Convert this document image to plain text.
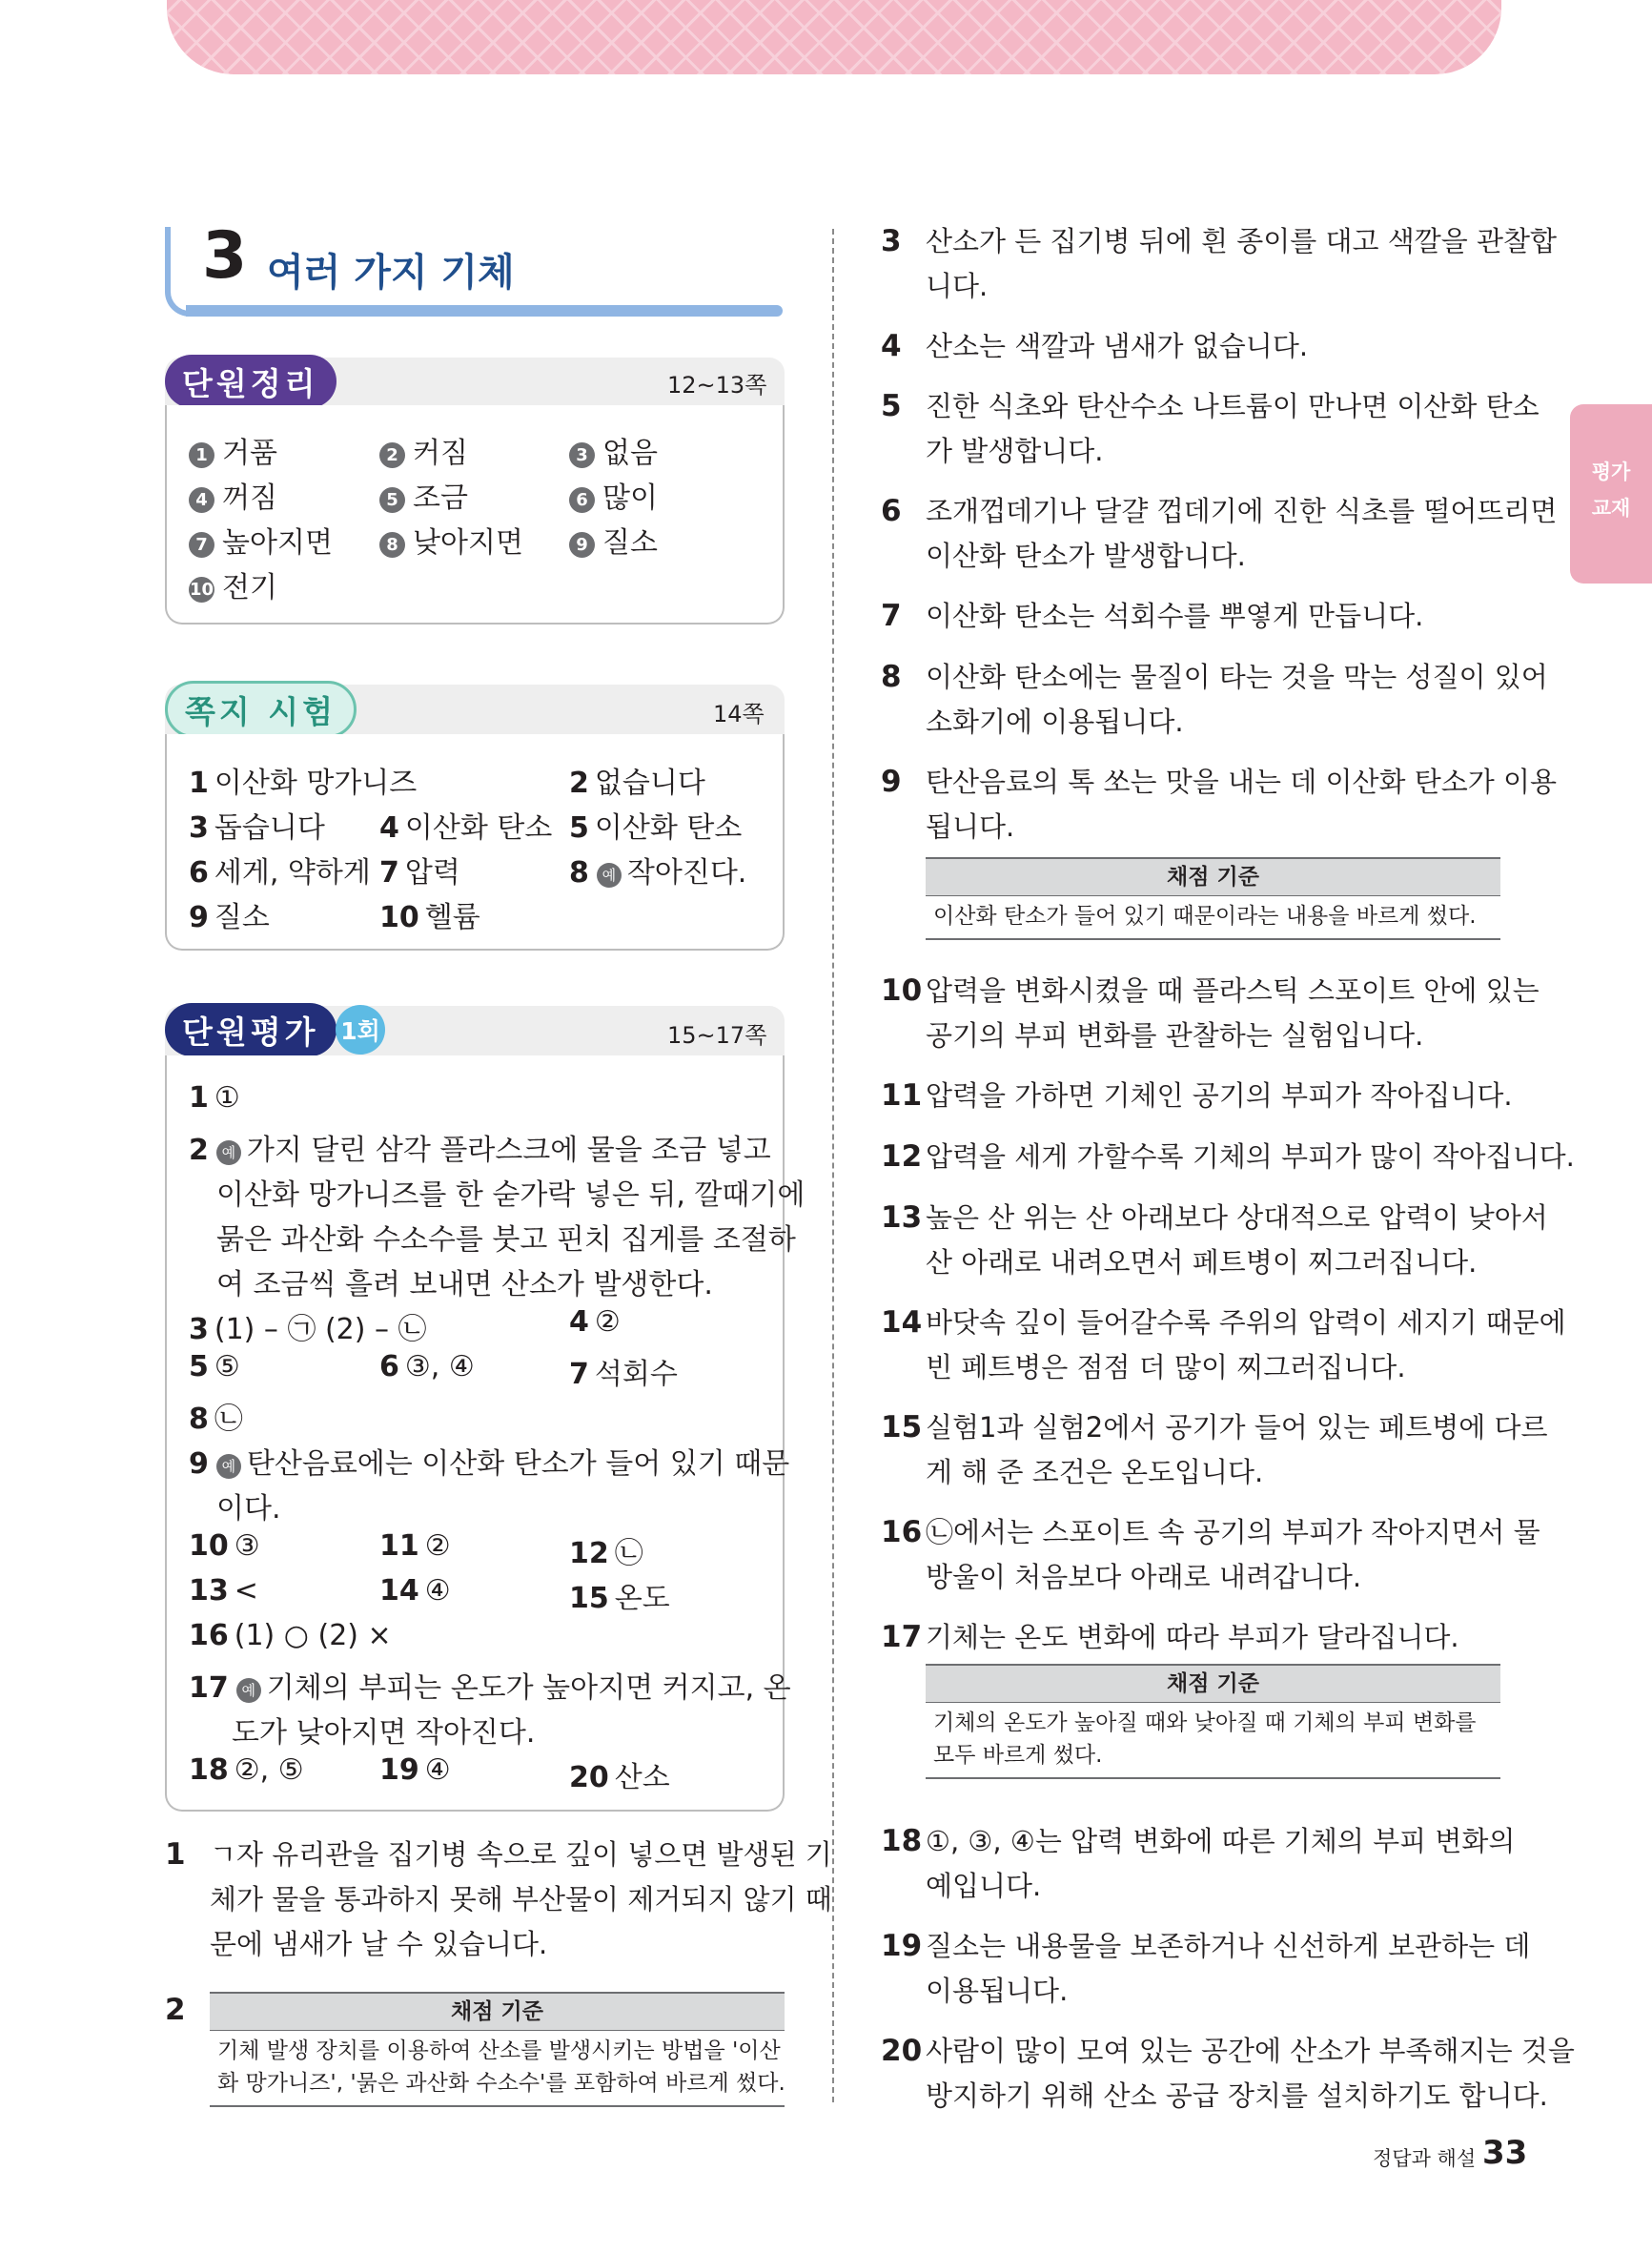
평가
교재
3 여러 가지 기체
단원정리	12~13쪽
1 거품	2 커짐	3 없음
4 꺼짐	5 조금	6 많이
7 높아지면	8 낮아지면	9 질소
10 전기
쪽지 시험	14쪽
1 이산화 망가니즈	2 없습니다
3 돕습니다 4 이산화 탄소 5 이산화 탄소
6 세게, 약하게 7 압력	8 예 작아진다.
9 질소	10 헬륨
단원평가 1회	15~17쪽
1 ①
2 예 가지 달린 삼각 플라스크에 물을 조금 넣고
이산화 망가니즈를 한 숟가락 넣은 뒤, 깔때기에
묽은 과산화 수소수를 붓고 핀치 집게를 조절하
여 조금씩 흘려 보내면 산소가 발생한다.
3 (1) – ㉠ (2) – ㉡	4 ②
5 ⑤	6 ③, ④	7 석회수
8 ㉡
9 예 탄산음료에는 이산화 탄소가 들어 있기 때문
이다.
10 ③	11 ②	12 ㉡
13 <	14 ④	15 온도
16 (1) ○ (2) ×
17 예 기체의 부피는 온도가 높아지면 커지고, 온
도가 낮아지면 작아진다.
18 ②, ⑤	19 ④	20 산소
1 ㄱ자 유리관을 집기병 속으로 깊이 넣으면 발생된 기
체가 물을 통과하지 못해 부산물이 제거되지 않기 때
문에 냄새가 날 수 있습니다.
2	채점 기준
기체 발생 장치를 이용하여 산소를 발생시키는 방법을 '이산
화 망가니즈', '묽은 과산화 수소수'를 포함하여 바르게 썼다.
3 산소가 든 집기병 뒤에 흰 종이를 대고 색깔을 관찰합
니다.
4 산소는 색깔과 냄새가 없습니다.
5 진한 식초와 탄산수소 나트륨이 만나면 이산화 탄소
가 발생합니다.
6 조개껍데기나 달걀 껍데기에 진한 식초를 떨어뜨리면
이산화 탄소가 발생합니다.
7 이산화 탄소는 석회수를 뿌옇게 만듭니다.
8 이산화 탄소에는 물질이 타는 것을 막는 성질이 있어
소화기에 이용됩니다.
9 탄산음료의 톡 쏘는 맛을 내는 데 이산화 탄소가 이용
됩니다.
채점 기준
이산화 탄소가 들어 있기 때문이라는 내용을 바르게 썼다.
10 압력을 변화시켰을 때 플라스틱 스포이트 안에 있는
공기의 부피 변화를 관찰하는 실험입니다.
11 압력을 가하면 기체인 공기의 부피가 작아집니다.
12 압력을 세게 가할수록 기체의 부피가 많이 작아집니다.
13 높은 산 위는 산 아래보다 상대적으로 압력이 낮아서
산 아래로 내려오면서 페트병이 찌그러집니다.
14 바닷속 깊이 들어갈수록 주위의 압력이 세지기 때문에
빈 페트병은 점점 더 많이 찌그러집니다.
15 실험1과 실험2에서 공기가 들어 있는 페트병에 다르
게 해 준 조건은 온도입니다.
16 ㉡에서는 스포이트 속 공기의 부피가 작아지면서 물
방울이 처음보다 아래로 내려갑니다.
17 기체는 온도 변화에 따라 부피가 달라집니다.
채점 기준
기체의 온도가 높아질 때와 낮아질 때 기체의 부피 변화를
모두 바르게 썼다.
18 ①, ③, ④는 압력 변화에 따른 기체의 부피 변화의
예입니다.
19 질소는 내용물을 보존하거나 신선하게 보관하는 데
이용됩니다.
20 사람이 많이 모여 있는 공간에 산소가 부족해지는 것을
방지하기 위해 산소 공급 장치를 설치하기도 합니다.
정답과 해설 33
